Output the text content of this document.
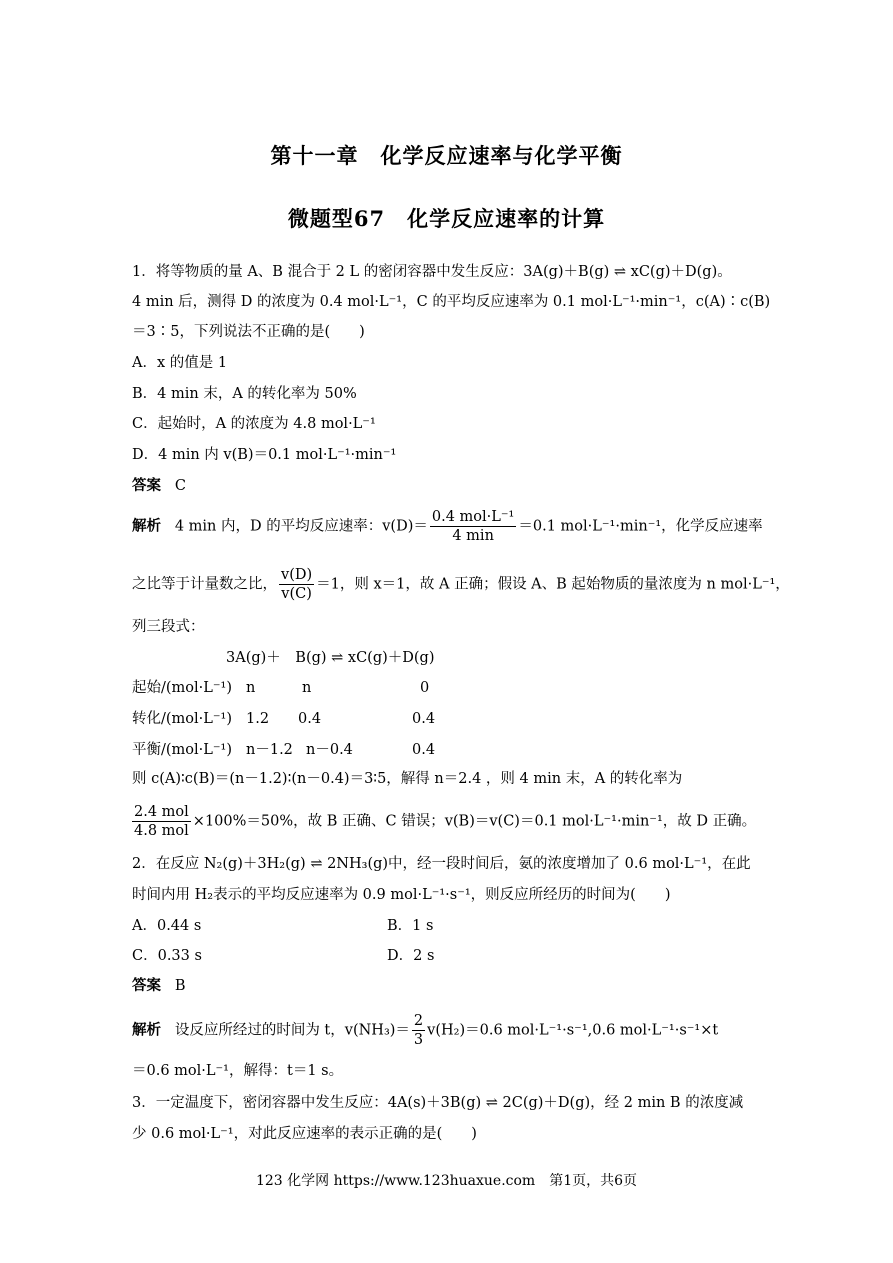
第十一章　化学反应速率与化学平衡
微题型67　化学反应速率的计算
1．将等物质的量 A、B 混合于 2 L 的密闭容器中发生反应：3A(g)＋B(g) ⇌ xC(g)＋D(g)。
4 min 后，测得 D 的浓度为 0.4 mol·L⁻¹，C 的平均反应速率为 0.1 mol·L⁻¹·min⁻¹，c(A)∶c(B)
＝3∶5，下列说法不正确的是(　　)
A．x 的值是 1
B．4 min 末，A 的转化率为 50%
C．起始时，A 的浓度为 4.8 mol·L⁻¹
D．4 min 内 v(B)＝0.1 mol·L⁻¹·min⁻¹
答案 C
解析 4 min 内，D 的平均反应速率：$v(D)= \frac{\text{0.4 mol·L⁻¹}}{4 \min} =0.1$ mol·L⁻¹·min⁻¹，化学反应速率
之比等于计量数之比， $\frac{v(D)}{v(C)} =1$，则 x＝1，故 A 正确；假设 A、B 起始物质的量浓度为 n mol·L⁻¹，
列三段式：
3A(g)＋　B(g) ⇌ xC(g)＋D(g)
起始/(mol·L⁻¹) n	n	0
转化/(mol·L⁻¹) 1.2 0.4	0.4
平衡/(mol·L⁻¹) n－1.2 n－0.4	0.4
则 c(A)∶c(B)＝(n－1.2)∶(n－0.4)＝3∶5，解得 n＝2.4 ，则 4 min 末，A 的转化率为
$\frac{\text{2.4 mol}}{\text{4.8 mol}} \times 100\%=50\%$，故 B 正确、C 错误；v(B)＝v(C)＝0.1 mol·L⁻¹·min⁻¹，故 D 正确。
2．在反应 N₂(g)＋3H₂(g) ⇌ 2NH₃(g)中，经一段时间后，氨的浓度增加了 0.6 mol·L⁻¹，在此
时间内用 H₂表示的平均反应速率为 0.9 mol·L⁻¹·s⁻¹，则反应所经历的时间为(　　)
A．0.44 s	B．1 s
C．0.33 s	D．2 s
答案 B
解析 设反应所经过的时间为 t，$v(NH_3)= \frac{2}{3} v(H_2)=0.6$ mol·L⁻¹·s⁻¹,0.6 mol·L⁻¹·s⁻¹×t
＝0.6 mol·L⁻¹，解得：t＝1 s。
3．一定温度下，密闭容器中发生反应：4A(s)＋3B(g) ⇌ 2C(g)＋D(g)，经 2 min B 的浓度减
少 0.6 mol·L⁻¹，对此反应速率的表示正确的是(　　)
123 化学网 https://www.123huaxue.com　第1页，共6页
